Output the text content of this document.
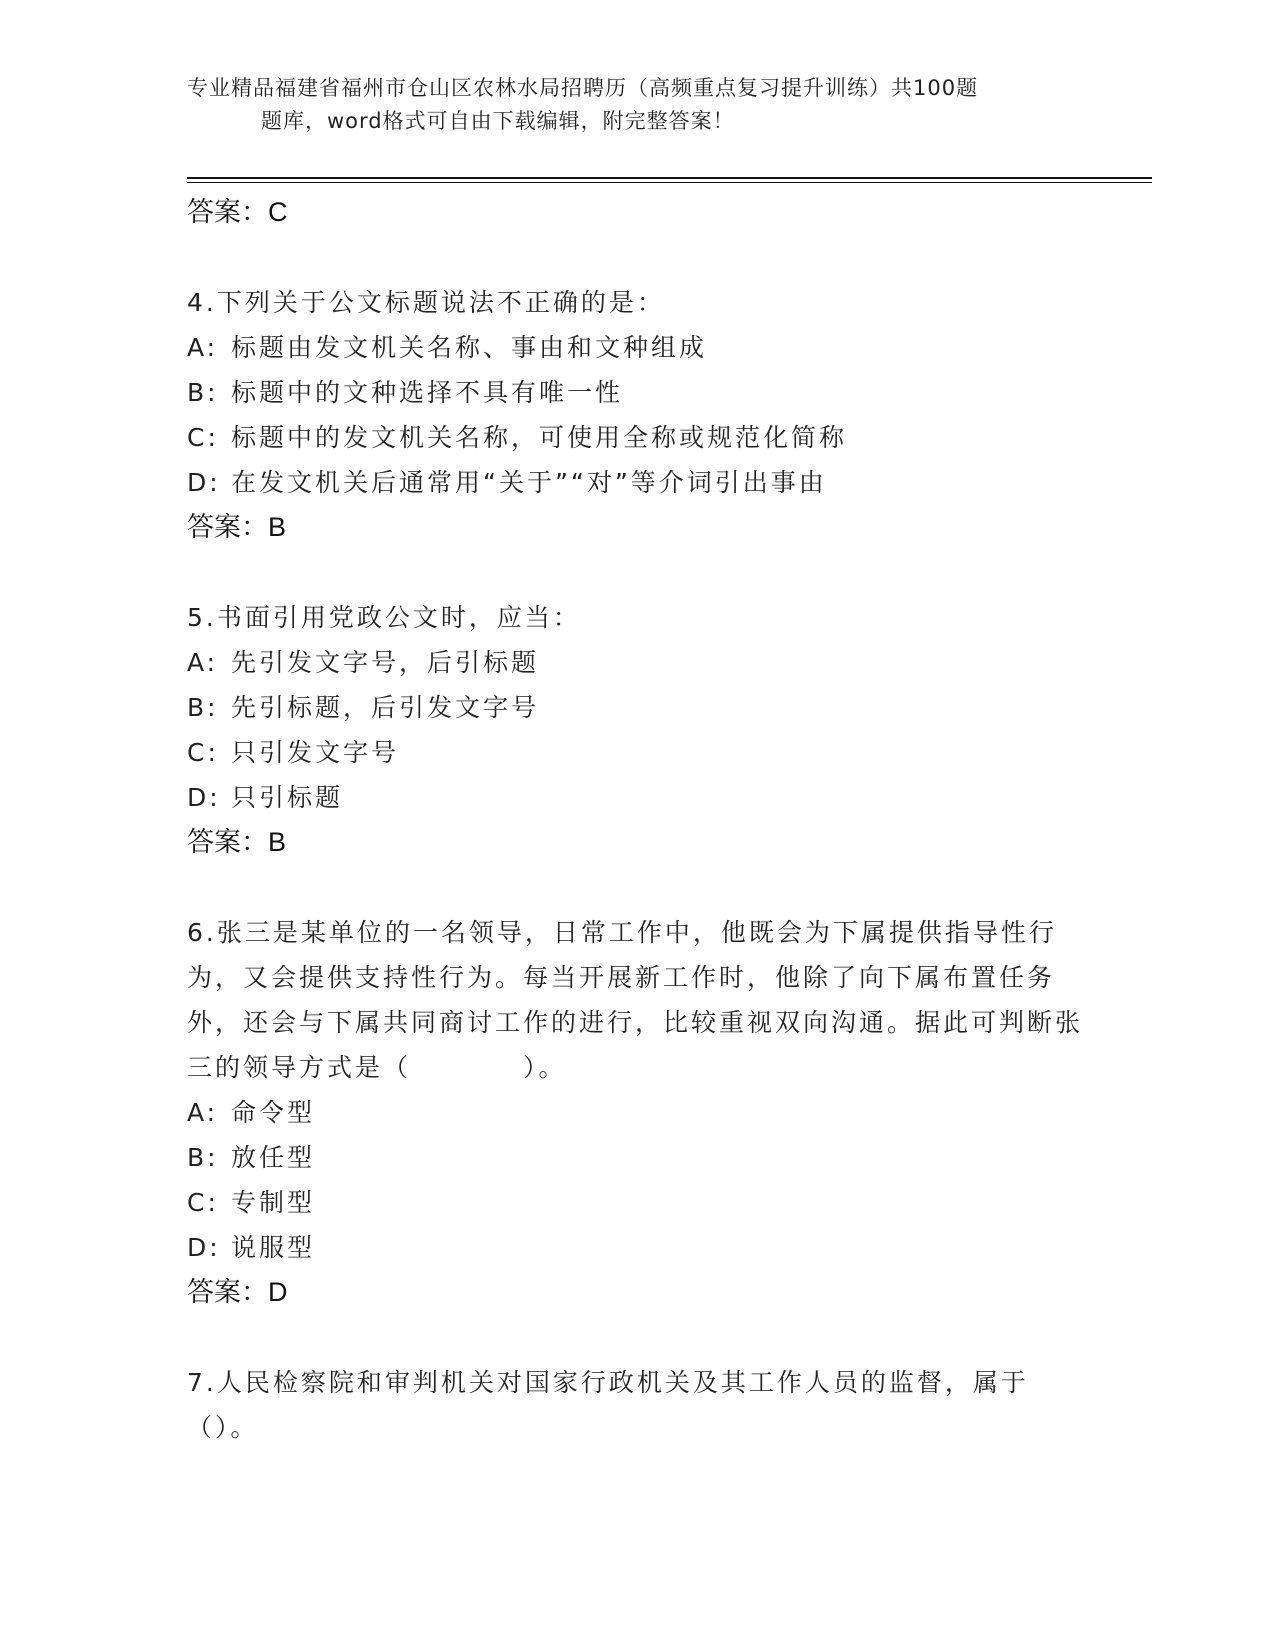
专业精品福建省福州市仓山区农林水局招聘历（高频重点复习提升训练）共100题
题库，word格式可自由下载编辑，附完整答案！
答案：C
4.下列关于公文标题说法不正确的是：
A: 标题由发文机关名称、事由和文种组成
B: 标题中的文种选择不具有唯一性
C: 标题中的发文机关名称，可使用全称或规范化简称
D: 在发文机关后通常用“关于”“对”等介词引出事由
答案：B
5.书面引用党政公文时，应当：
A: 先引发文字号，后引标题
B: 先引标题，后引发文字号
C: 只引发文字号
D: 只引标题
答案：B
6.张三是某单位的一名领导，日常工作中，他既会为下属提供指导性行为，又会提供支持性行为。每当开展新工作时，他除了向下属布置任务外，还会与下属共同商讨工作的进行，比较重视双向沟通。据此可判断张三的领导方式是（　　　　）。
A: 命令型
B: 放任型
C: 专制型
D: 说服型
答案：D
7.人民检察院和审判机关对国家行政机关及其工作人员的监督，属于（）。
